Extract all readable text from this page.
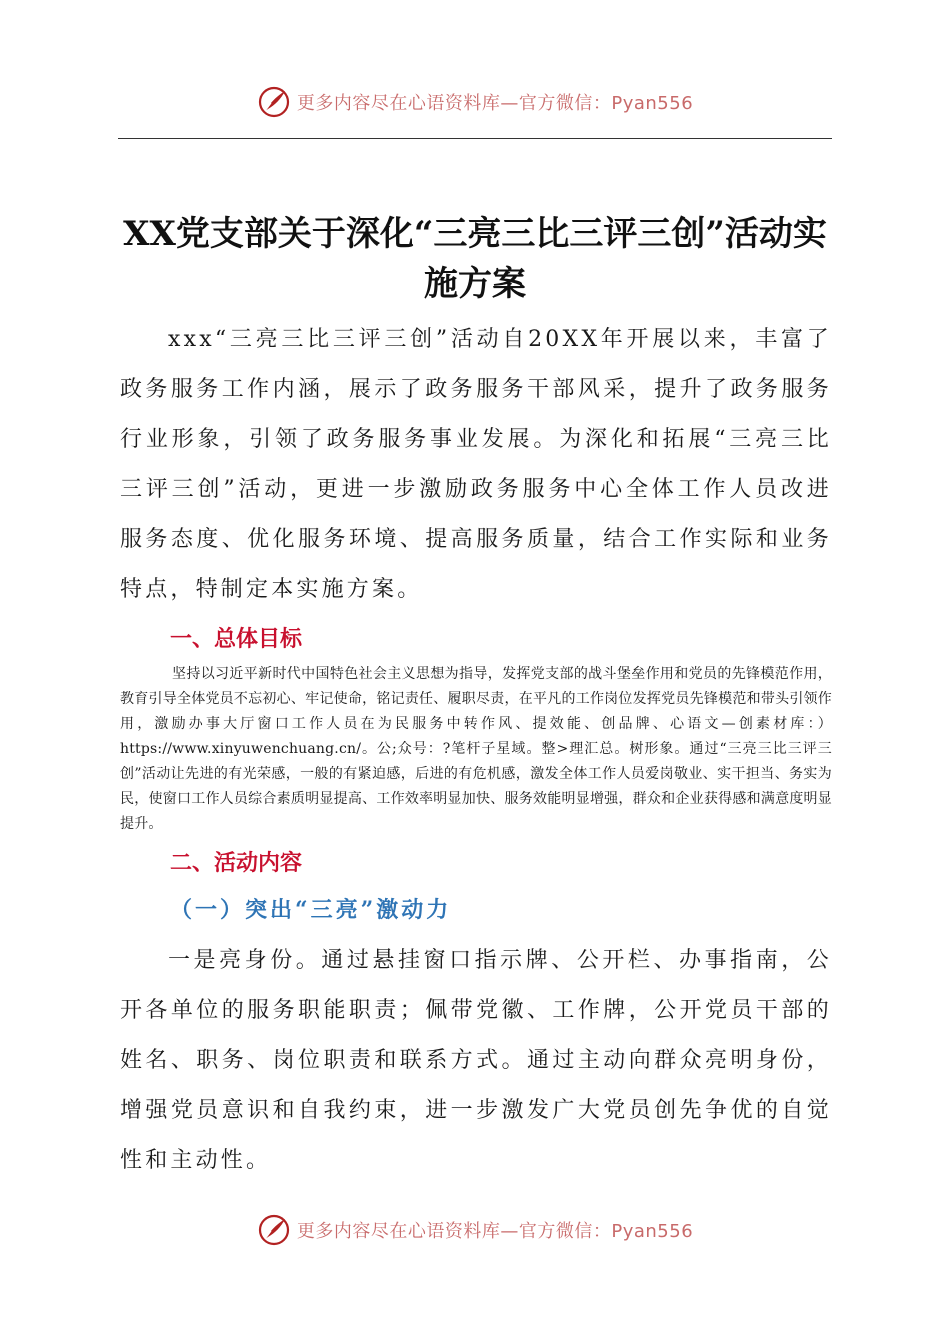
更多内容尽在心语资料库—官方微信：Pyan556
XX党支部关于深化“三亮三比三评三创”活动实施方案

xxx“三亮三比三评三创”活动自20XX年开展以来，丰富了政务服务工作内涵，展示了政务服务干部风采，提升了政务服务行业形象，引领了政务服务事业发展。为深化和拓展“三亮三比三评三创”活动，更进一步激励政务服务中心全体工作人员改进服务态度、优化服务环境、提高服务质量，结合工作实际和业务特点，特制定本实施方案。

一、总体目标

坚持以习近平新时代中国特色社会主义思想为指导，发挥党支部的战斗堡垒作用和党员的先锋模范作用，教育引导全体党员不忘初心、牢记使命，铭记责任、履职尽责，在平凡的工作岗位发挥党员先锋模范和带头引领作用，激励办事大厅窗口工作人员在为民服务中转作风、提效能、创品牌、心语文—创素材库：）https://www.xinyuwenchuang.cn/。公;众号：?笔杆子星域。整>理汇总。树形象。通过“三亮三比三评三创”活动让先进的有光荣感，一般的有紧迫感，后进的有危机感，激发全体工作人员爱岗敬业、实干担当、务实为民，使窗口工作人员综合素质明显提高、工作效率明显加快、服务效能明显增强，群众和企业获得感和满意度明显提升。

二、活动内容
（一）突出“三亮”激动力

一是亮身份。通过悬挂窗口指示牌、公开栏、办事指南，公开各单位的服务职能职责；佩带党徽、工作牌，公开党员干部的姓名、职务、岗位职责和联系方式。通过主动向群众亮明身份，增强党员意识和自我约束，进一步激发广大党员创先争优的自觉性和主动性。

更多内容尽在心语资料库—官方微信：Pyan556
